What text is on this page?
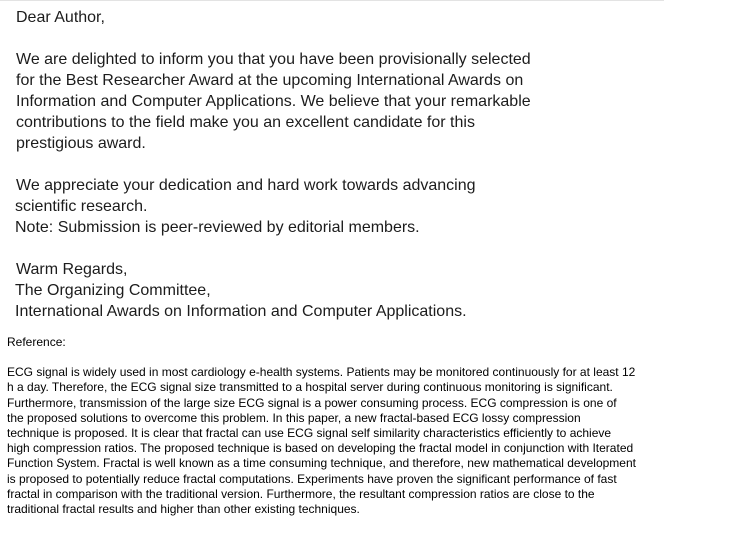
Dear Author,

We are delighted to inform you that you have been provisionally selected
for the Best Researcher Award at the upcoming International Awards on
Information and Computer Applications. We believe that your remarkable
contributions to the field make you an excellent candidate for this
prestigious award.

We appreciate your dedication and hard work towards advancing
scientific research.
Note: Submission is peer-reviewed by editorial members.

Warm Regards,
The Organizing Committee,
International Awards on Information and Computer Applications.

Reference:

ECG signal is widely used in most cardiology e-health systems. Patients may be monitored continuously for at least 12
h a day. Therefore, the ECG signal size transmitted to a hospital server during continuous monitoring is significant.
Furthermore, transmission of the large size ECG signal is a power consuming process. ECG compression is one of
the proposed solutions to overcome this problem. In this paper, a new fractal-based ECG lossy compression
technique is proposed. It is clear that fractal can use ECG signal self similarity characteristics efficiently to achieve
high compression ratios. The proposed technique is based on developing the fractal model in conjunction with Iterated
Function System. Fractal is well known as a time consuming technique, and therefore, new mathematical development
is proposed to potentially reduce fractal computations. Experiments have proven the significant performance of fast
fractal in comparison with the traditional version. Furthermore, the resultant compression ratios are close to the
traditional fractal results and higher than other existing techniques.
